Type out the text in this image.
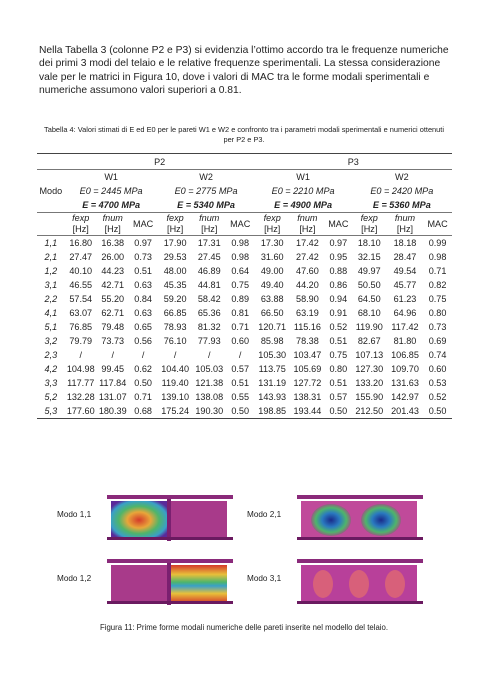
Nella Tabella 3 (colonne P2 e P3) si evidenzia l’ottimo accordo tra le frequenze numeriche dei primi 3 modi del telaio e le relative frequenze sperimentali. La stessa considerazione vale per le matrici in Figura 10, dove i valori di MAC tra le forme modali sperimentali e numeriche assumono valori superiori a 0.81.
Tabella 4: Valori stimati di E ed E0 per le pareti W1 e W2 e confronto tra i parametri modali sperimentali e numerici ottenuti per P2 e P3.
	P2						P3					
Modo	W1			W2			W1			W2		
	E0 = 2445 MPa			E0 = 2775 MPa			E0 = 2210 MPa			E0 = 2420 MPa		
	E = 4700 MPa			E = 5340 MPa			E = 4900 MPa			E = 5360 MPa		
	fexp	fnum	MAC	fexp	fnum	MAC	fexp	fnum	MAC	fexp	fnum	MAC
	[Hz]	[Hz]		[Hz]	[Hz]		[Hz]	[Hz]		[Hz]	[Hz]	
1,1	16.80	16.38	0.97	17.90	17.31	0.98	17.30	17.42	0.97	18.10	18.18	0.99
2,1	27.47	26.00	0.73	29.53	27.45	0.98	31.60	27.42	0.95	32.15	28.47	0.98
1,2	40.10	44.23	0.51	48.00	46.89	0.64	49.00	47.60	0.88	49.97	49.54	0.71
3,1	46.55	42.71	0.63	45.35	44.81	0.75	49.40	44.20	0.86	50.50	45.77	0.82
2,2	57.54	55.20	0.84	59.20	58.42	0.89	63.88	58.90	0.94	64.50	61.23	0.75
4,1	63.07	62.71	0.63	66.85	65.36	0.81	66.50	63.19	0.91	68.10	64.96	0.80
5,1	76.85	79.48	0.65	78.93	81.32	0.71	120.71	115.16	0.52	119.90	117.42	0.73
3,2	79.79	73.73	0.56	76.10	77.93	0.60	85.98	78.38	0.51	82.67	81.80	0.69
2,3	/	/	/	/	/	/	105.30	103.47	0.75	107.13	106.85	0.74
4,2	104.98	99.45	0.62	104.40	105.03	0.57	113.75	105.69	0.80	127.30	109.70	0.60
3,3	117.77	117.84	0.50	119.40	121.38	0.51	131.19	127.72	0.51	133.20	131.63	0.53
5,2	132.28	131.07	0.71	139.10	138.08	0.55	143.93	138.31	0.57	155.90	142.97	0.52
5,3	177.60	180.39	0.68	175.24	190.30	0.50	198.85	193.44	0.50	212.50	201.43	0.50
Modo 1,1	Modo 2,1
Modo 1,2	Modo 3,1
Figura 11: Prime forme modali numeriche delle pareti inserite nel modello del telaio.
